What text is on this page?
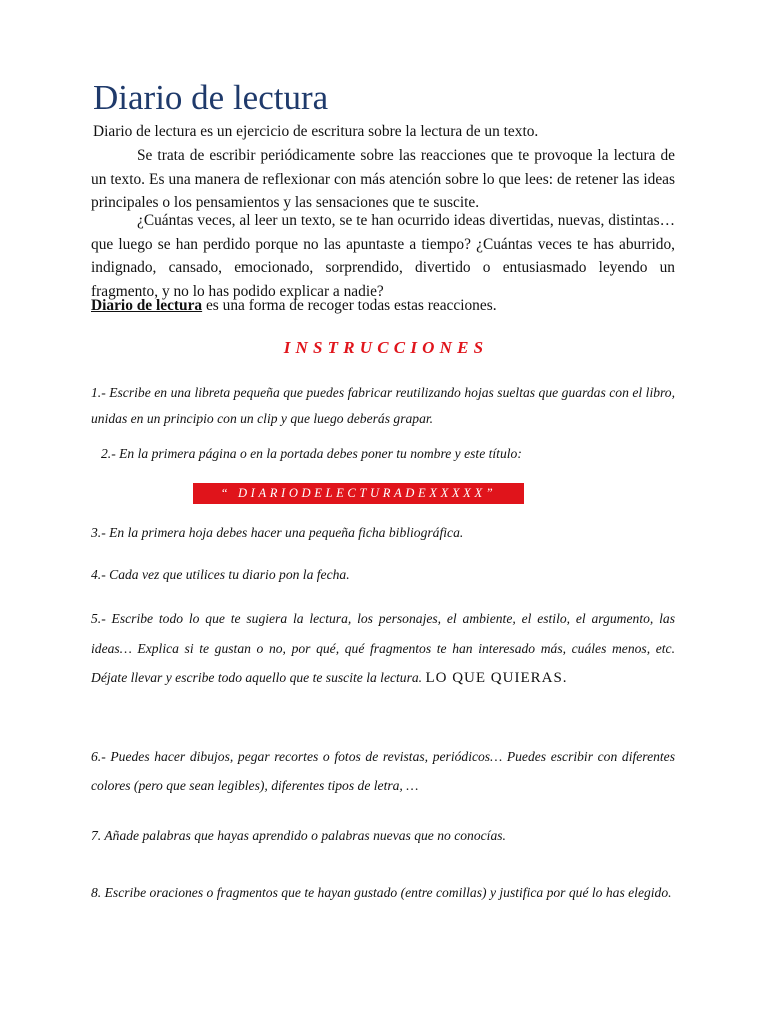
Diario de lectura

Diario de lectura es un ejercicio de escritura sobre la lectura de un texto.

Se trata de escribir periódicamente sobre las reacciones que te provoque la lectura de un texto. Es una manera de reflexionar con más atención sobre lo que lees: de retener las ideas principales o los pensamientos y las sensaciones que te suscite.

¿Cuántas veces, al leer un texto, se te han ocurrido ideas divertidas, nuevas, distintas… que luego se han perdido porque no las apuntaste a tiempo? ¿Cuántas veces te has aburrido, indignado, cansado, emocionado, sorprendido, divertido o entusiasmado leyendo un fragmento, y no lo has podido explicar a nadie?

Diario de lectura es una forma de recoger todas estas reacciones.

INSTRUCCIONES

1.- Escribe en una libreta pequeña que puedes fabricar reutilizando hojas sueltas que guardas con el libro, unidas en un principio con un clip y que luego deberás grapar.

2.- En la primera página o en la portada debes poner tu nombre y este título:

“ DIARIODELECTURADEXXXXX”

3.- En la primera hoja debes hacer una pequeña ficha bibliográfica.

4.- Cada vez que utilices tu diario pon la fecha.

5.- Escribe todo lo que te sugiera la lectura, los personajes, el ambiente, el estilo, el argumento, las ideas… Explica si te gustan o no, por qué, qué fragmentos te han interesado más, cuáles menos, etc. Déjate llevar y escribe todo aquello que te suscite la lectura. LO QUE QUIERAS.

6.- Puedes hacer dibujos, pegar recortes o fotos de revistas, periódicos… Puedes escribir con diferentes colores (pero que sean legibles), diferentes tipos de letra, …

7. Añade palabras que hayas aprendido o palabras nuevas que no conocías.

8. Escribe oraciones o fragmentos que te hayan gustado (entre comillas) y justifica por qué lo has elegido.
